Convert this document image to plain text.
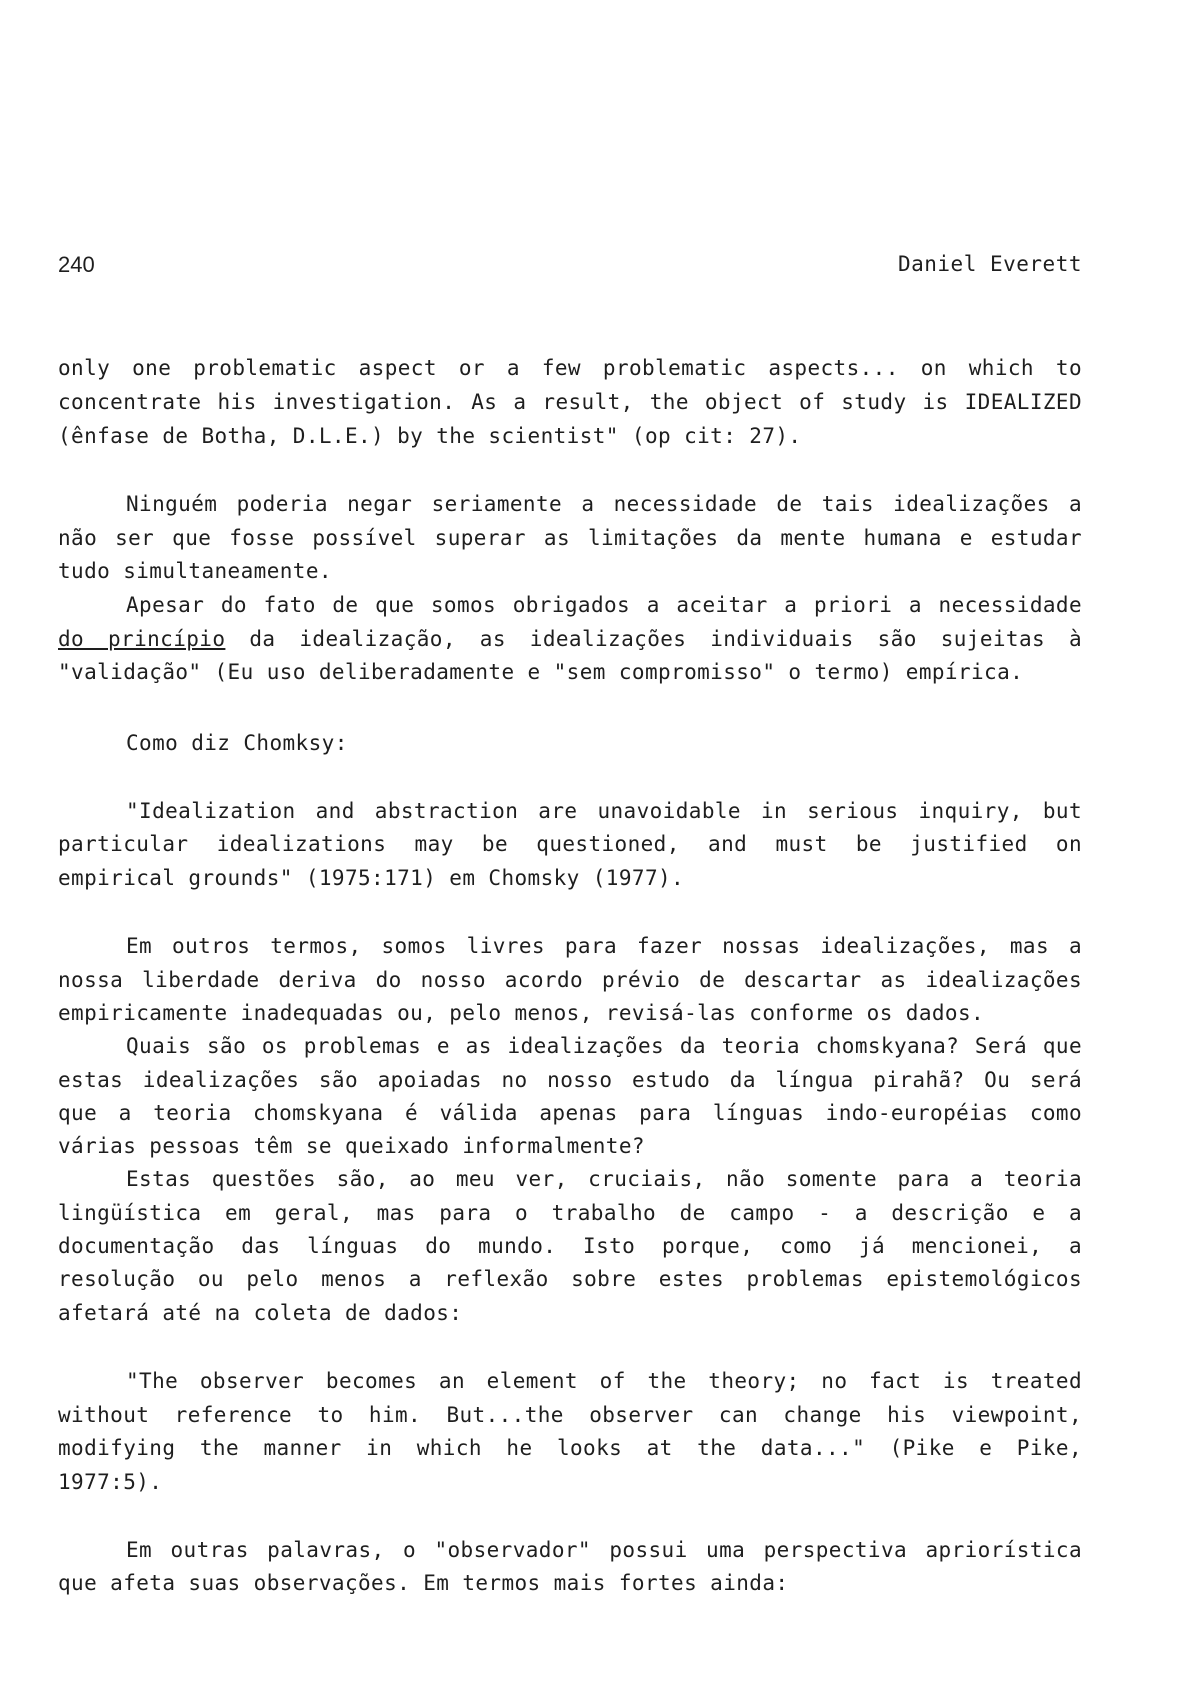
240	Daniel Everett
only one problematic aspect or a few problematic aspects... on which to
concentrate his investigation. As a result, the object of study is IDEALIZED
(ênfase de Botha, D.L.E.) by the scientist" (op cit: 27).
Ninguém poderia negar seriamente a necessidade de tais idealizações a
não ser que fosse possível superar as limitações da mente humana e estudar
tudo simultaneamente.
Apesar do fato de que somos obrigados a aceitar a priori a necessidade
do princípio da idealização, as idealizações individuais são sujeitas à
"validação" (Eu uso deliberadamente e "sem compromisso" o termo) empírica.
Como diz Chomksy:
"Idealization and abstraction are unavoidable in serious inquiry, but
particular idealizations may be questioned, and must be justified on
empirical grounds" (1975:171) em Chomsky (1977).
Em outros termos, somos livres para fazer nossas idealizações, mas a
nossa liberdade deriva do nosso acordo prévio de descartar as idealizações
empiricamente inadequadas ou, pelo menos, revisá-las conforme os dados.
Quais são os problemas e as idealizações da teoria chomskyana? Será que
estas idealizações são apoiadas no nosso estudo da língua pirahã? Ou será
que a teoria chomskyana é válida apenas para línguas indo-européias como
várias pessoas têm se queixado informalmente?
Estas questões são, ao meu ver, cruciais, não somente para a teoria
lingüística em geral, mas para o trabalho de campo - a descrição e a
documentação das línguas do mundo. Isto porque, como já mencionei, a
resolução ou pelo menos a reflexão sobre estes problemas epistemológicos
afetará até na coleta de dados:
"The observer becomes an element of the theory; no fact is treated
without reference to him. But...the observer can change his viewpoint,
modifying the manner in which he looks at the data..." (Pike e Pike,
1977:5).
Em outras palavras, o "observador" possui uma perspectiva apriorística
que afeta suas observações. Em termos mais fortes ainda:
